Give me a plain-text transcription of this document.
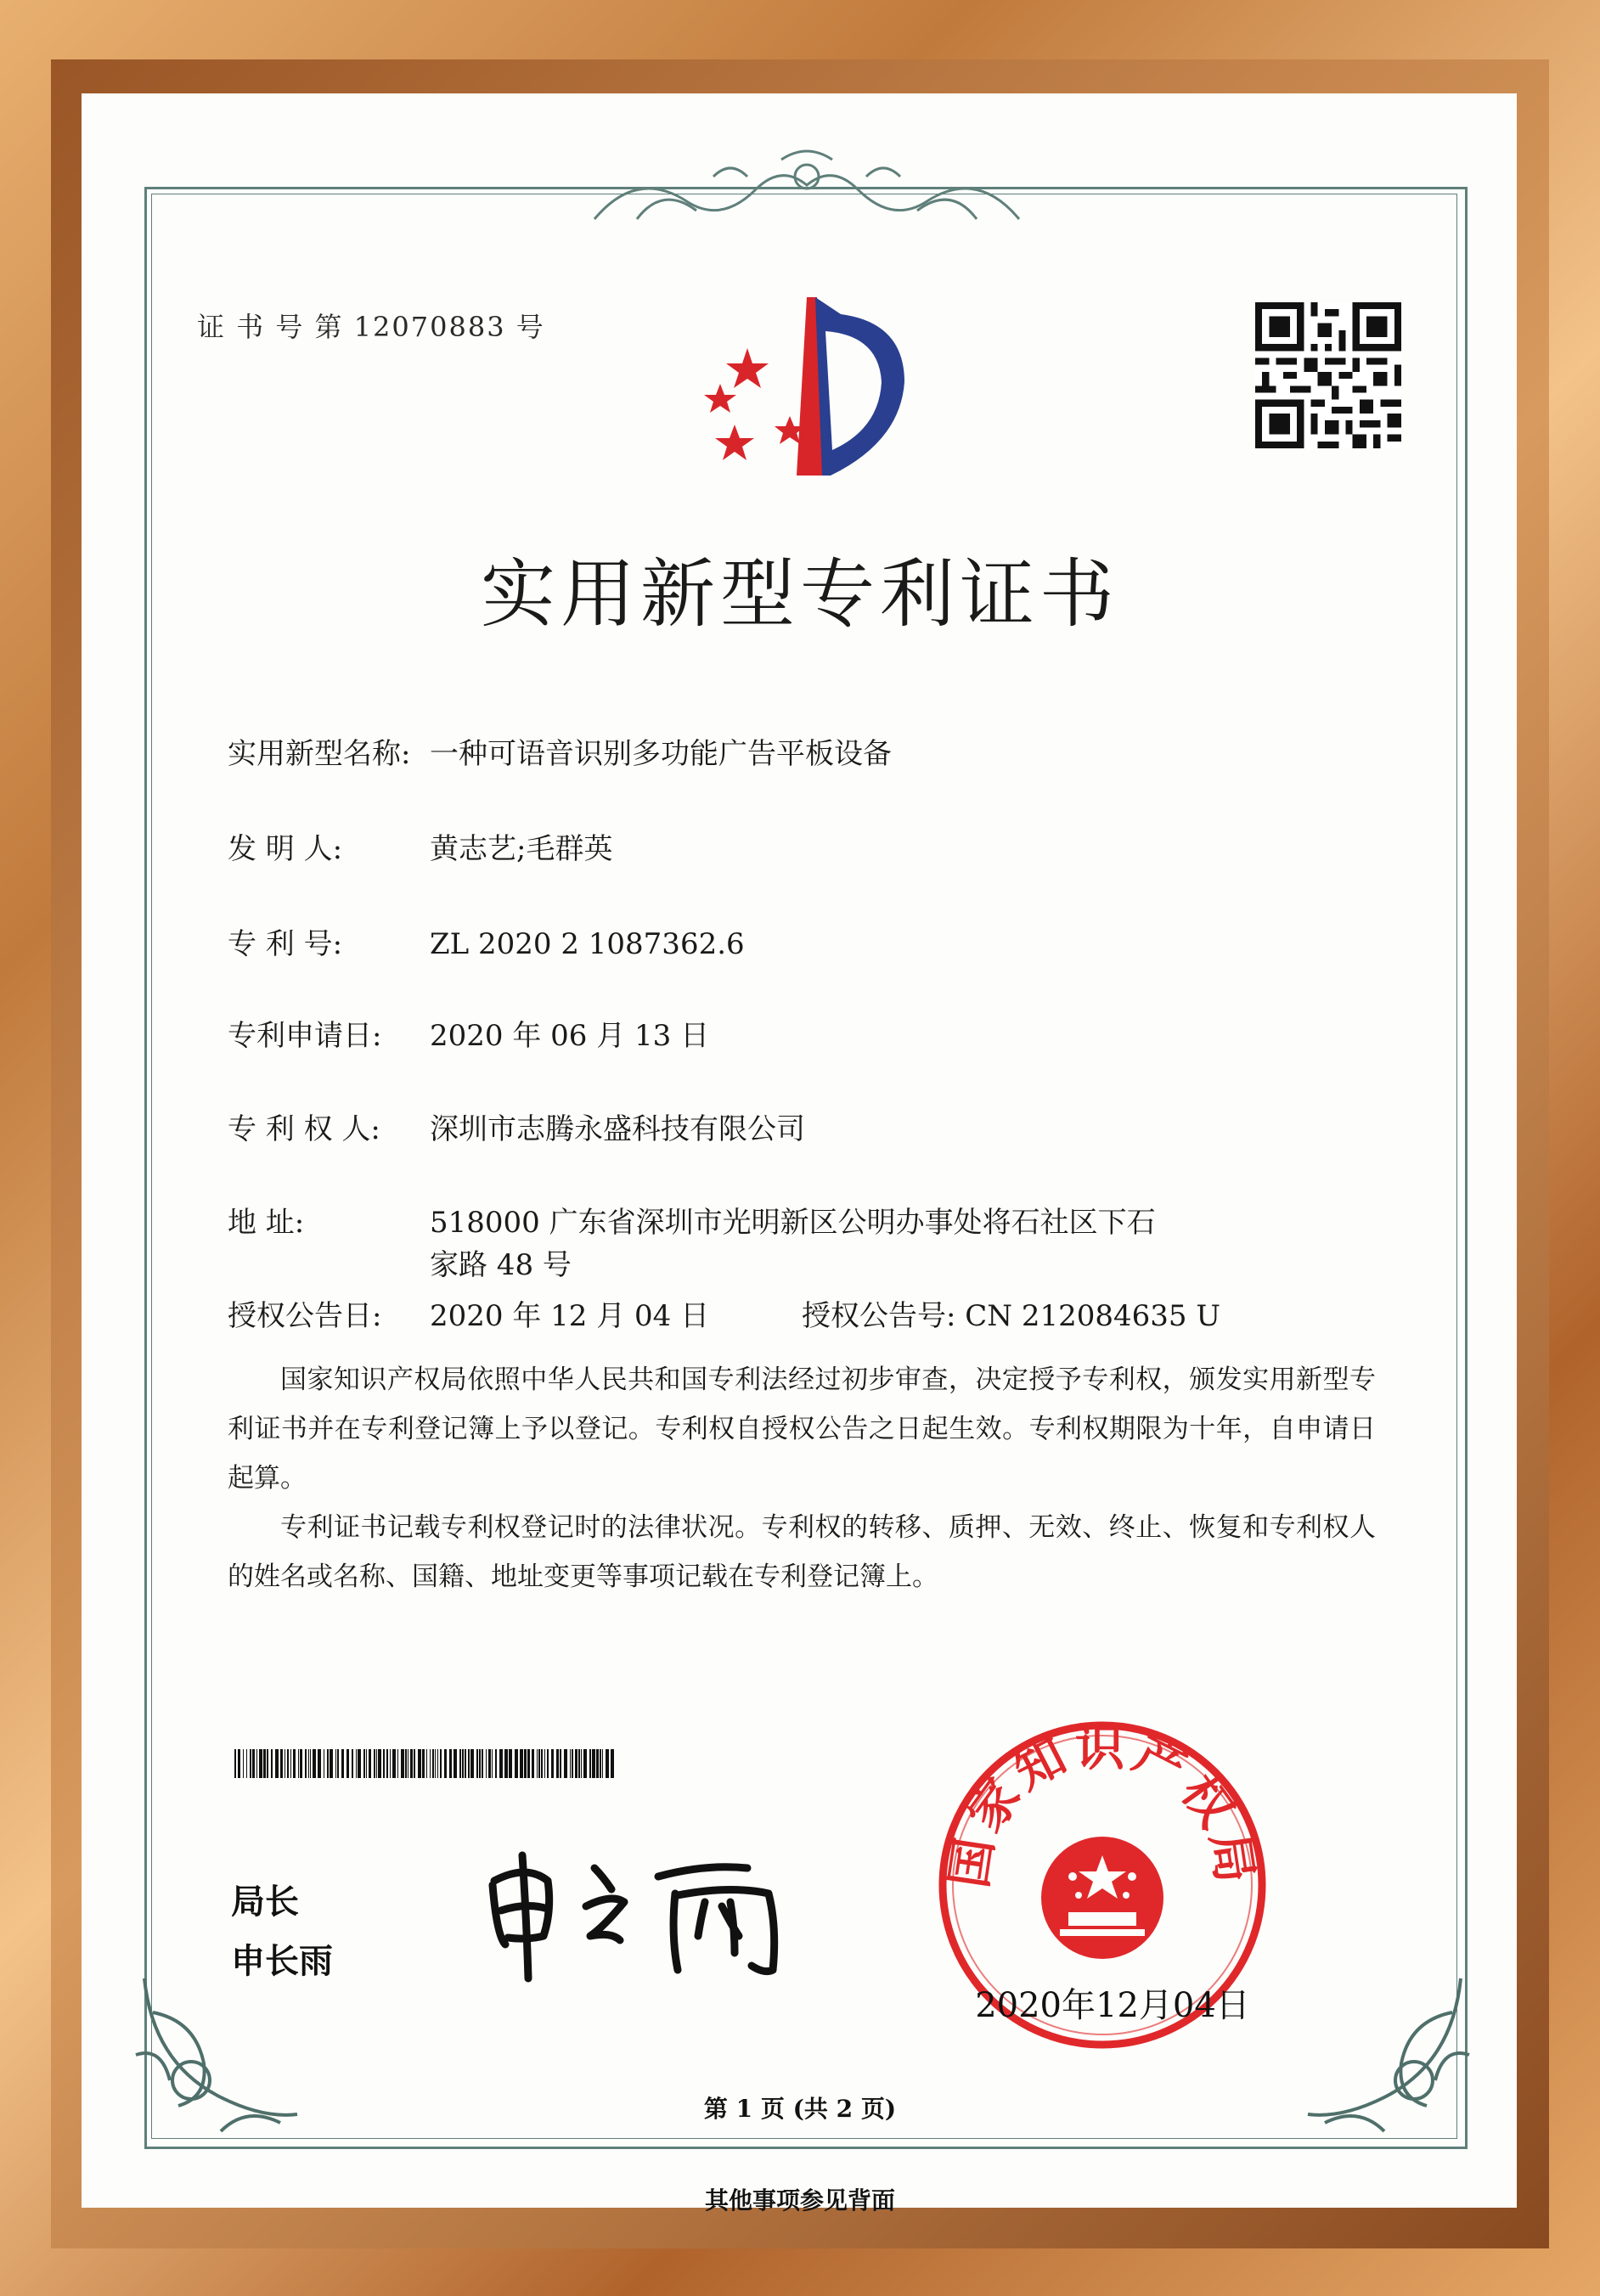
证 书 号 第 12070883 号
实用新型专利证书
实用新型名称: 一种可语音识别多功能广告平板设备
发 明 人:	黄志艺;毛群英
专 利 号:	ZL 2020 2 1087362.6
专利申请日: 2020 年 06 月 13 日
专 利 权 人: 深圳市志腾永盛科技有限公司
地 址:	518000 广东省深圳市光明新区公明办事处将石社区下石
家路 48 号
授权公告日: 2020 年 12 月 04 日	授权公告号: CN 212084635 U
国家知识产权局依照中华人民共和国专利法经过初步审查，决定授予专利权，颁发实用新型专利证书并在专利登记簿上予以登记。专利权自授权公告之日起生效。专利权期限为十年，自申请日起算。
专利证书记载专利权登记时的法律状况。专利权的转移、质押、无效、终止、恢复和专利权人的姓名或名称、国籍、地址变更等事项记载在专利登记簿上。
局长
申长雨
国家知识产权局
2020年12月04日
第 1 页 (共 2 页)
其他事项参见背面
